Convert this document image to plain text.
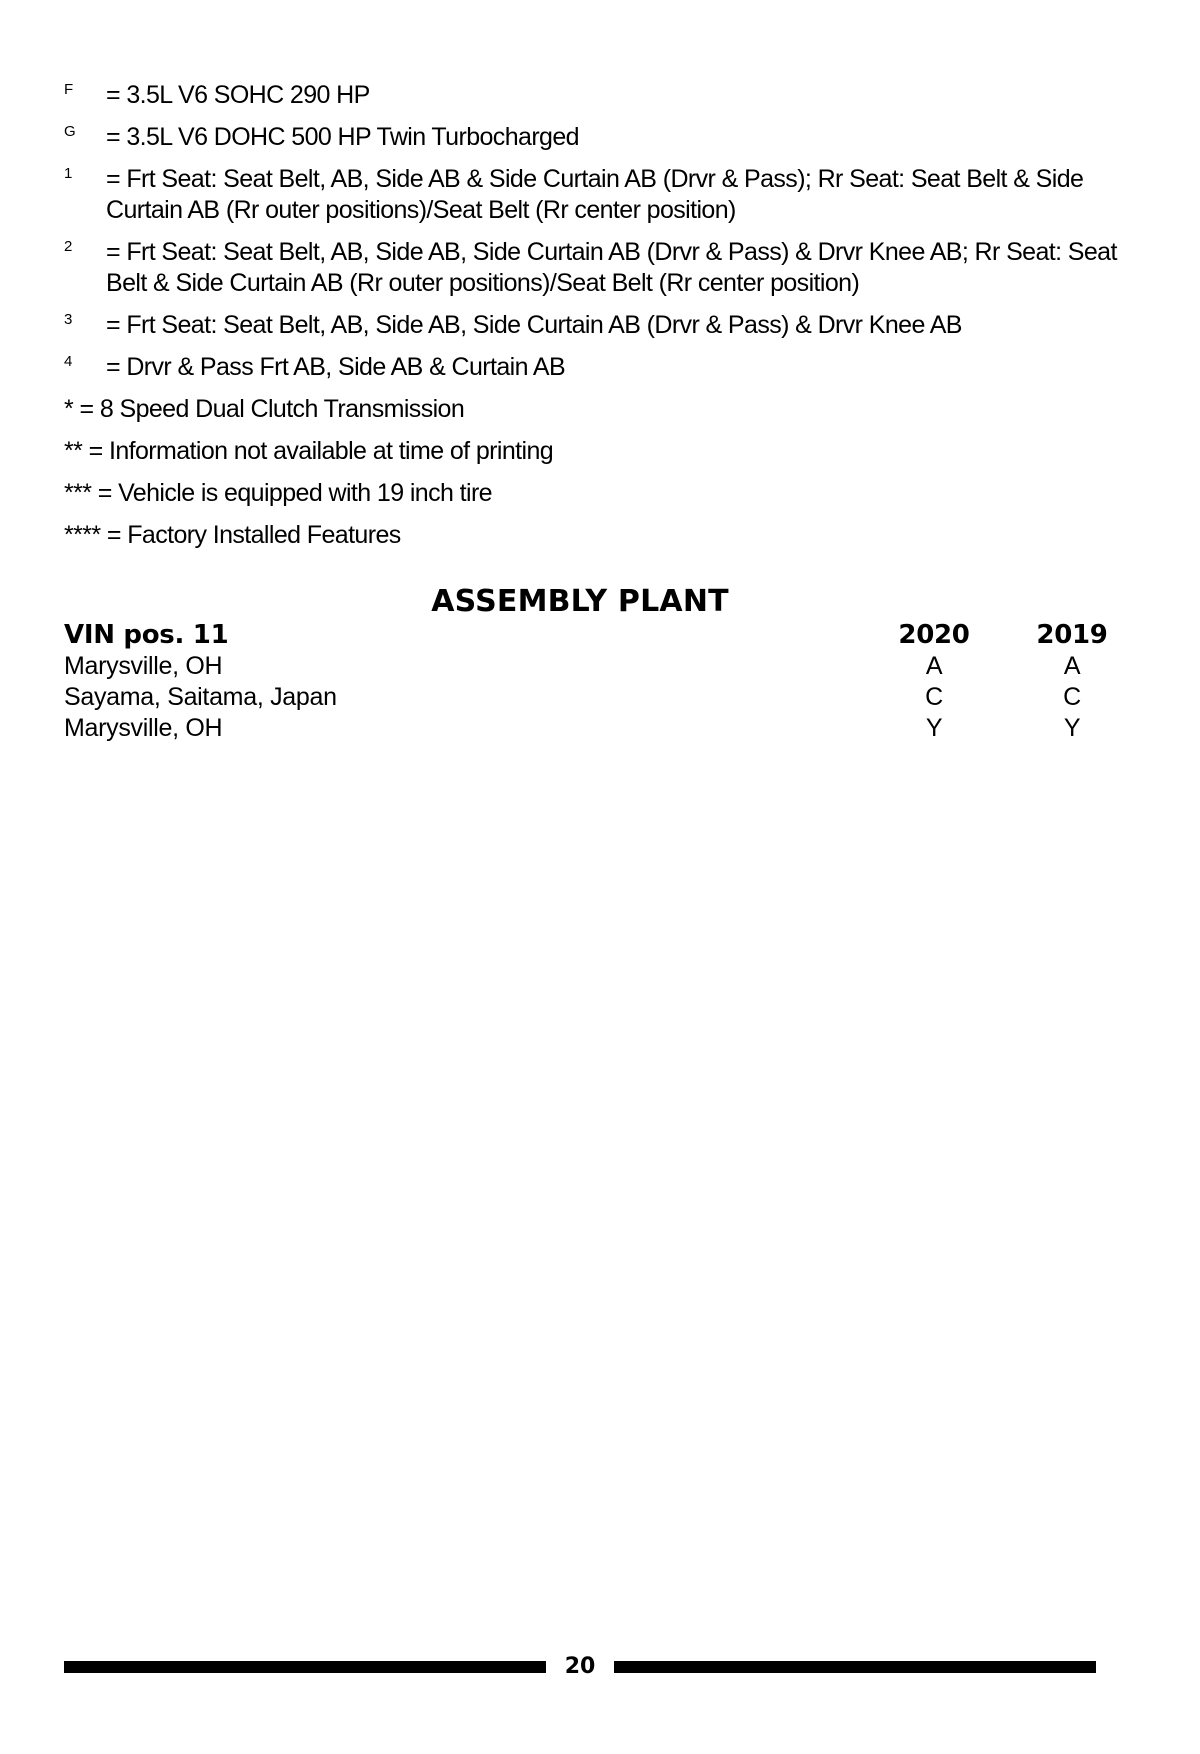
F = 3.5L V6 SOHC 290 HP
G = 3.5L V6 DOHC 500 HP Twin Turbocharged
1 = Frt Seat: Seat Belt, AB, Side AB & Side Curtain AB (Drvr & Pass); Rr Seat: Seat Belt & Side Curtain AB (Rr outer positions)/Seat Belt (Rr center position)
2 = Frt Seat: Seat Belt, AB, Side AB, Side Curtain AB (Drvr & Pass) & Drvr Knee AB; Rr Seat: Seat Belt & Side Curtain AB (Rr outer positions)/Seat Belt (Rr center position)
3 = Frt Seat: Seat Belt, AB, Side AB, Side Curtain AB (Drvr & Pass) & Drvr Knee AB
4 = Drvr & Pass Frt AB, Side AB & Curtain AB
* = 8 Speed Dual Clutch Transmission
** = Information not available at time of printing
*** = Vehicle is equipped with 19 inch tire
**** = Factory Installed Features
ASSEMBLY PLANT
VIN pos. 11	2020	2019
Marysville, OH	A	A
Sayama, Saitama, Japan	C	C
Marysville, OH	Y	Y
20
